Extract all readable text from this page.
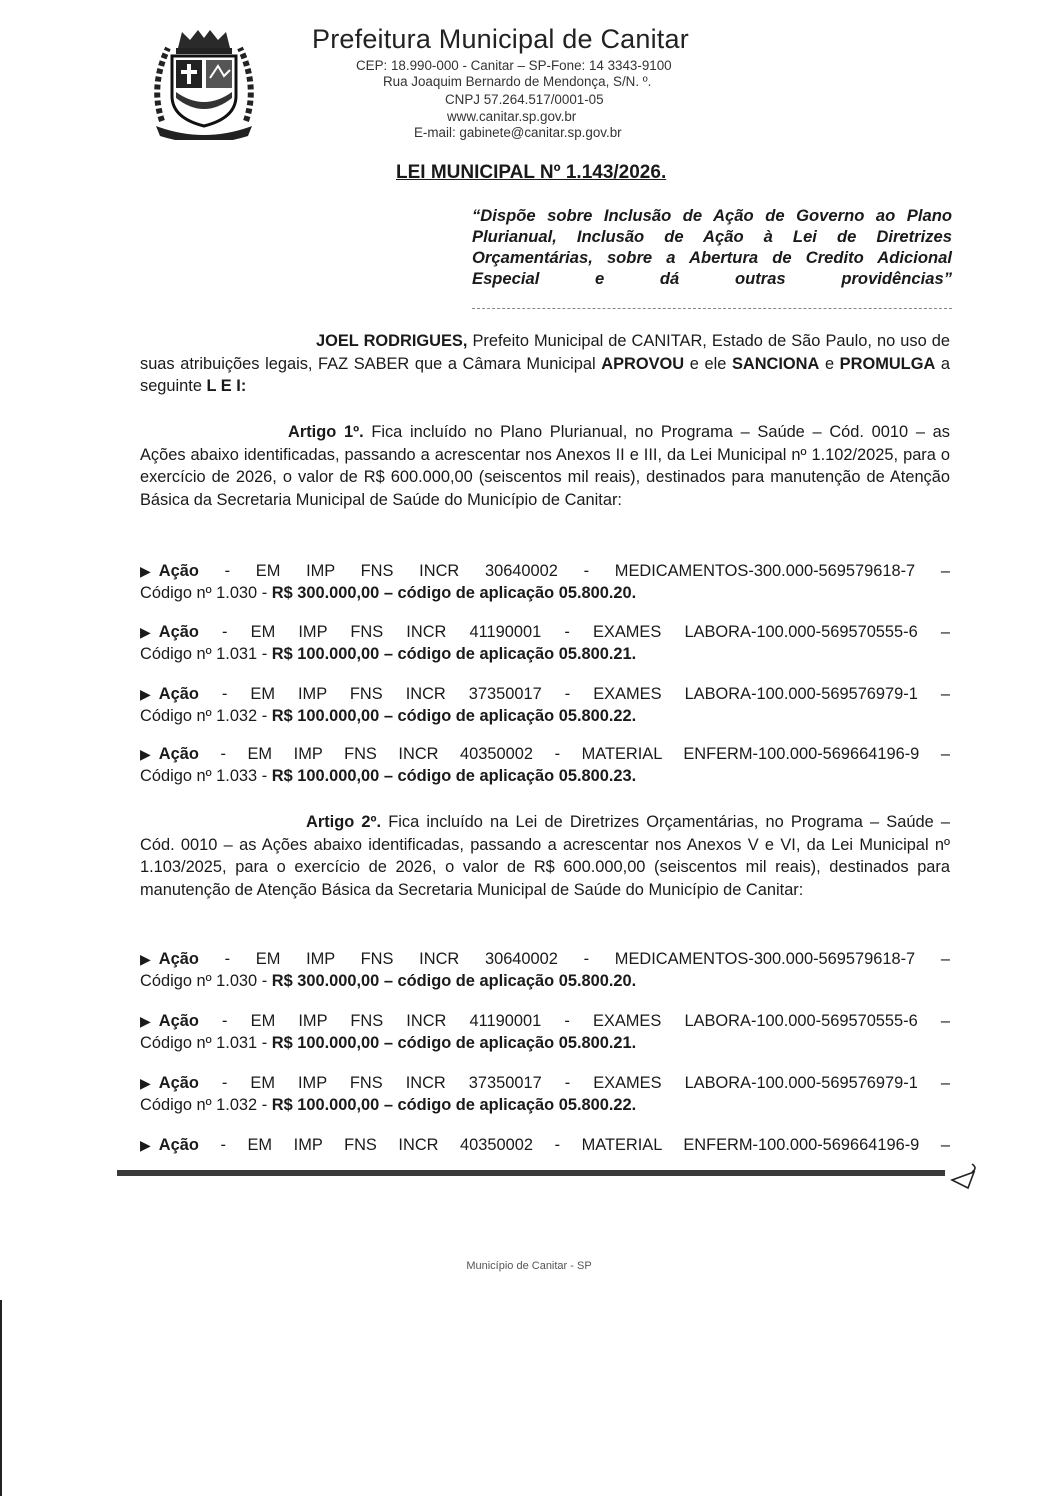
Prefeitura Municipal de Canitar
CEP: 18.990-000 - Canitar – SP-Fone: 14 3343-9100
Rua Joaquim Bernardo de Mendonça, S/N. º.
CNPJ 57.264.517/0001-05
www.canitar.sp.gov.br
E-mail: gabinete@canitar.sp.gov.br
LEI MUNICIPAL Nº 1.143/2026.
“Dispõe sobre Inclusão de Ação de Governo ao Plano Plurianual, Inclusão de Ação à Lei de Diretrizes Orçamentárias, sobre a Abertura de Credito Adicional Especial e dá outras providências”
JOEL RODRIGUES, Prefeito Municipal de CANITAR, Estado de São Paulo, no uso de suas atribuições legais, FAZ SABER que a Câmara Municipal APROVOU e ele SANCIONA e PROMULGA a seguinte L E I:
Artigo 1º. Fica incluído no Plano Plurianual, no Programa – Saúde – Cód. 0010 – as Ações abaixo identificadas, passando a acrescentar nos Anexos II e III, da Lei Municipal nº 1.102/2025, para o exercício de 2026, o valor de R$ 600.000,00 (seiscentos mil reais), destinados para manutenção de Atenção Básica da Secretaria Municipal de Saúde do Município de Canitar:
▶ Ação - EM IMP FNS INCR 30640002 - MEDICAMENTOS-300.000-569579618-7 –
Código nº 1.030 - R$ 300.000,00 – código de aplicação 05.800.20.
▶ Ação - EM IMP FNS INCR 41190001 - EXAMES LABORA-100.000-569570555-6 –
Código nº 1.031 - R$ 100.000,00 – código de aplicação 05.800.21.
▶ Ação - EM IMP FNS INCR 37350017 - EXAMES LABORA-100.000-569576979-1 –
Código nº 1.032 - R$ 100.000,00 – código de aplicação 05.800.22.
▶ Ação - EM IMP FNS INCR 40350002 - MATERIAL ENFERM-100.000-569664196-9 –
Código nº 1.033 - R$ 100.000,00 – código de aplicação 05.800.23.
Artigo 2º. Fica incluído na Lei de Diretrizes Orçamentárias, no Programa – Saúde – Cód. 0010 – as Ações abaixo identificadas, passando a acrescentar nos Anexos V e VI, da Lei Municipal nº 1.103/2025, para o exercício de 2026, o valor de R$ 600.000,00 (seiscentos mil reais), destinados para manutenção de Atenção Básica da Secretaria Municipal de Saúde do Município de Canitar:
▶ Ação - EM IMP FNS INCR 30640002 - MEDICAMENTOS-300.000-569579618-7 –
Código nº 1.030 - R$ 300.000,00 – código de aplicação 05.800.20.
▶ Ação - EM IMP FNS INCR 41190001 - EXAMES LABORA-100.000-569570555-6 –
Código nº 1.031 - R$ 100.000,00 – código de aplicação 05.800.21.
▶ Ação - EM IMP FNS INCR 37350017 - EXAMES LABORA-100.000-569576979-1 –
Código nº 1.032 - R$ 100.000,00 – código de aplicação 05.800.22.
▶ Ação - EM IMP FNS INCR 40350002 - MATERIAL ENFERM-100.000-569664196-9 –
Município de Canitar - SP
